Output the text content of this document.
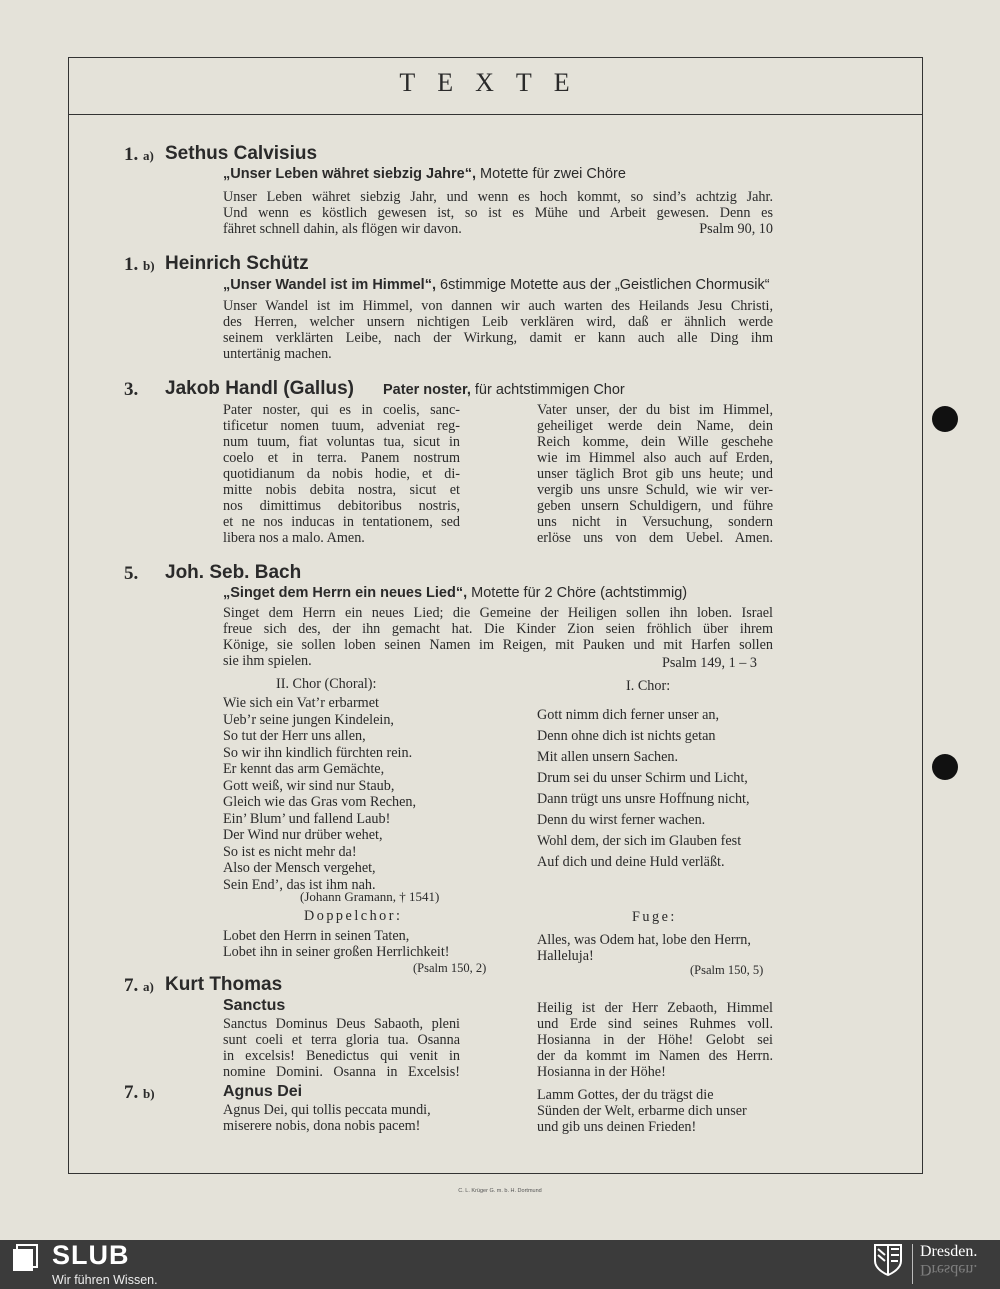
TEXTE
1. a) Sethus Calvisius
„Unser Leben währet siebzig Jahre“, Motette für zwei Chöre
Unser Leben währet siebzig Jahr, und wenn es hoch kommt, so sind’s achtzig Jahr.
Und wenn es köstlich gewesen ist, so ist es Mühe und Arbeit gewesen. Denn es
fähret schnell dahin, als flögen wir davon.	Psalm 90, 10
1. b) Heinrich Schütz
„Unser Wandel ist im Himmel“, 6stimmige Motette aus der „Geistlichen Chormusik“
Unser Wandel ist im Himmel, von dannen wir auch warten des Heilands Jesu Christi,
des Herren, welcher unsern nichtigen Leib verklären wird, daß er ähnlich werde
seinem verklärten Leibe, nach der Wirkung, damit er kann auch alle Ding ihm
untertänig machen.
3. Jakob Handl (Gallus) Pater noster, für achtstimmigen Chor
Pater noster, qui es in coelis, sanc-
tificetur nomen tuum, adveniat reg-
num tuum, fiat voluntas tua, sicut in
coelo et in terra. Panem nostrum
quotidianum da nobis hodie, et di-
mitte nobis debita nostra, sicut et
nos dimittimus debitoribus nostris,
et ne nos inducas in tentationem, sed
libera nos a malo. Amen.
Vater unser, der du bist im Himmel,
geheiliget werde dein Name, dein
Reich komme, dein Wille geschehe
wie im Himmel also auch auf Erden,
unser täglich Brot gib uns heute; und
vergib uns unsre Schuld, wie wir ver-
geben unsern Schuldigern, und führe
uns nicht in Versuchung, sondern
erlöse uns von dem Uebel. Amen.
5. Joh. Seb. Bach
„Singet dem Herrn ein neues Lied“, Motette für 2 Chöre (achtstimmig)
Singet dem Herrn ein neues Lied; die Gemeine der Heiligen sollen ihn loben. Israel
freue sich des, der ihn gemacht hat. Die Kinder Zion seien fröhlich über ihrem
Könige, sie sollen loben seinen Namen im Reigen, mit Pauken und mit Harfen sollen
sie ihm spielen.	Psalm 149, 1 – 3
II. Chor (Choral):
Wie sich ein Vat’r erbarmet
Ueb’r seine jungen Kindelein,
So tut der Herr uns allen,
So wir ihn kindlich fürchten rein.
Er kennt das arm Gemächte,
Gott weiß, wir sind nur Staub,
Gleich wie das Gras vom Rechen,
Ein’ Blum’ und fallend Laub!
Der Wind nur drüber wehet,
So ist es nicht mehr da!
Also der Mensch vergehet,
Sein End’, das ist ihm nah.
(Johann Gramann, † 1541)
I. Chor:
Gott nimm dich ferner unser an,
Denn ohne dich ist nichts getan
Mit allen unsern Sachen.
Drum sei du unser Schirm und Licht,
Dann trügt uns unsre Hoffnung nicht,
Denn du wirst ferner wachen.
Wohl dem, der sich im Glauben fest
Auf dich und deine Huld verläßt.
Doppelchor:
Lobet den Herrn in seinen Taten,
Lobet ihn in seiner großen Herrlichkeit!
(Psalm 150, 2)
Fuge:
Alles, was Odem hat, lobe den Herrn,
Halleluja!
(Psalm 150, 5)
7. a) Kurt Thomas
Sanctus
Sanctus Dominus Deus Sabaoth, pleni
sunt coeli et terra gloria tua. Osanna
in excelsis! Benedictus qui venit in
nomine Domini. Osanna in Excelsis!
Heilig ist der Herr Zebaoth, Himmel
und Erde sind seines Ruhmes voll.
Hosianna in der Höhe! Gelobt sei
der da kommt im Namen des Herrn.
Hosianna in der Höhe!
7. b)	Agnus Dei
Agnus Dei, qui tollis peccata mundi,
miserere nobis, dona nobis pacem!
Lamm Gottes, der du trägst die
Sünden der Welt, erbarme dich unser
und gib uns deinen Frieden!
C. L. Krüger G. m. b. H. Dortmund
SLUB
Wir führen Wissen.
Dresden.
Dresden.
